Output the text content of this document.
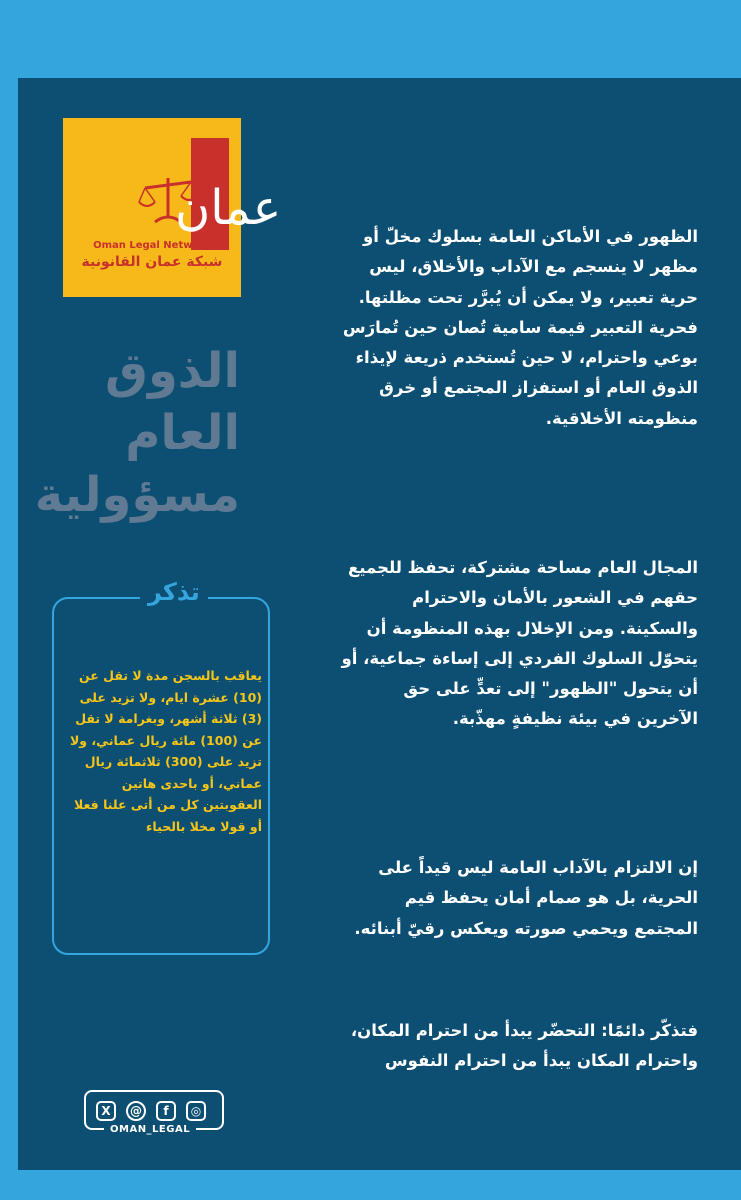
عمان
Oman Legal Network
شبكة عمان القانونية
الذوق
العام
مسؤولية
تذكر
يعاقب بالسجن مدة لا تقل عن (10) عشرة ايام، ولا تزيد على (3) ثلاثة أشهر، وبغرامة لا تقل عن (100) مائة ريال عماني، ولا تزيد على (300) ثلاثمائة ريال عماني، أو باحدى هاتين العقوبتين كل من أتى علنا فعلا أو قولا مخلا بالحياء
X	@	f	◎
OMAN_LEGAL
الظهور في الأماكن العامة بسلوك مخلّ أو مظهر لا ينسجم مع الآداب والأخلاق، ليس حرية تعبير، ولا يمكن أن يُبرَّر تحت مظلتها. فحرية التعبير قيمة سامية تُصان حين تُمارَس بوعي واحترام، لا حين تُستخدم ذريعة لإيذاء الذوق العام أو استفزاز المجتمع أو خرق منظومته الأخلاقية.
المجال العام مساحة مشتركة، تحفظ للجميع حقهم في الشعور بالأمان والاحترام والسكينة. ومن الإخلال بهذه المنظومة أن يتحوّل السلوك الفردي إلى إساءة جماعية، أو أن يتحول "الظهور" إلى تعدٍّ على حق الآخرين في بيئة نظيفةٍ مهذّبة.
إن الالتزام بالآداب العامة ليس قيداً على الحرية، بل هو صمام أمان يحفظ قيم المجتمع ويحمي صورته ويعكس رقيّ أبنائه.
فتذكّر دائمًا: التحضّر يبدأ من احترام المكان، واحترام المكان يبدأ من احترام النفوس
